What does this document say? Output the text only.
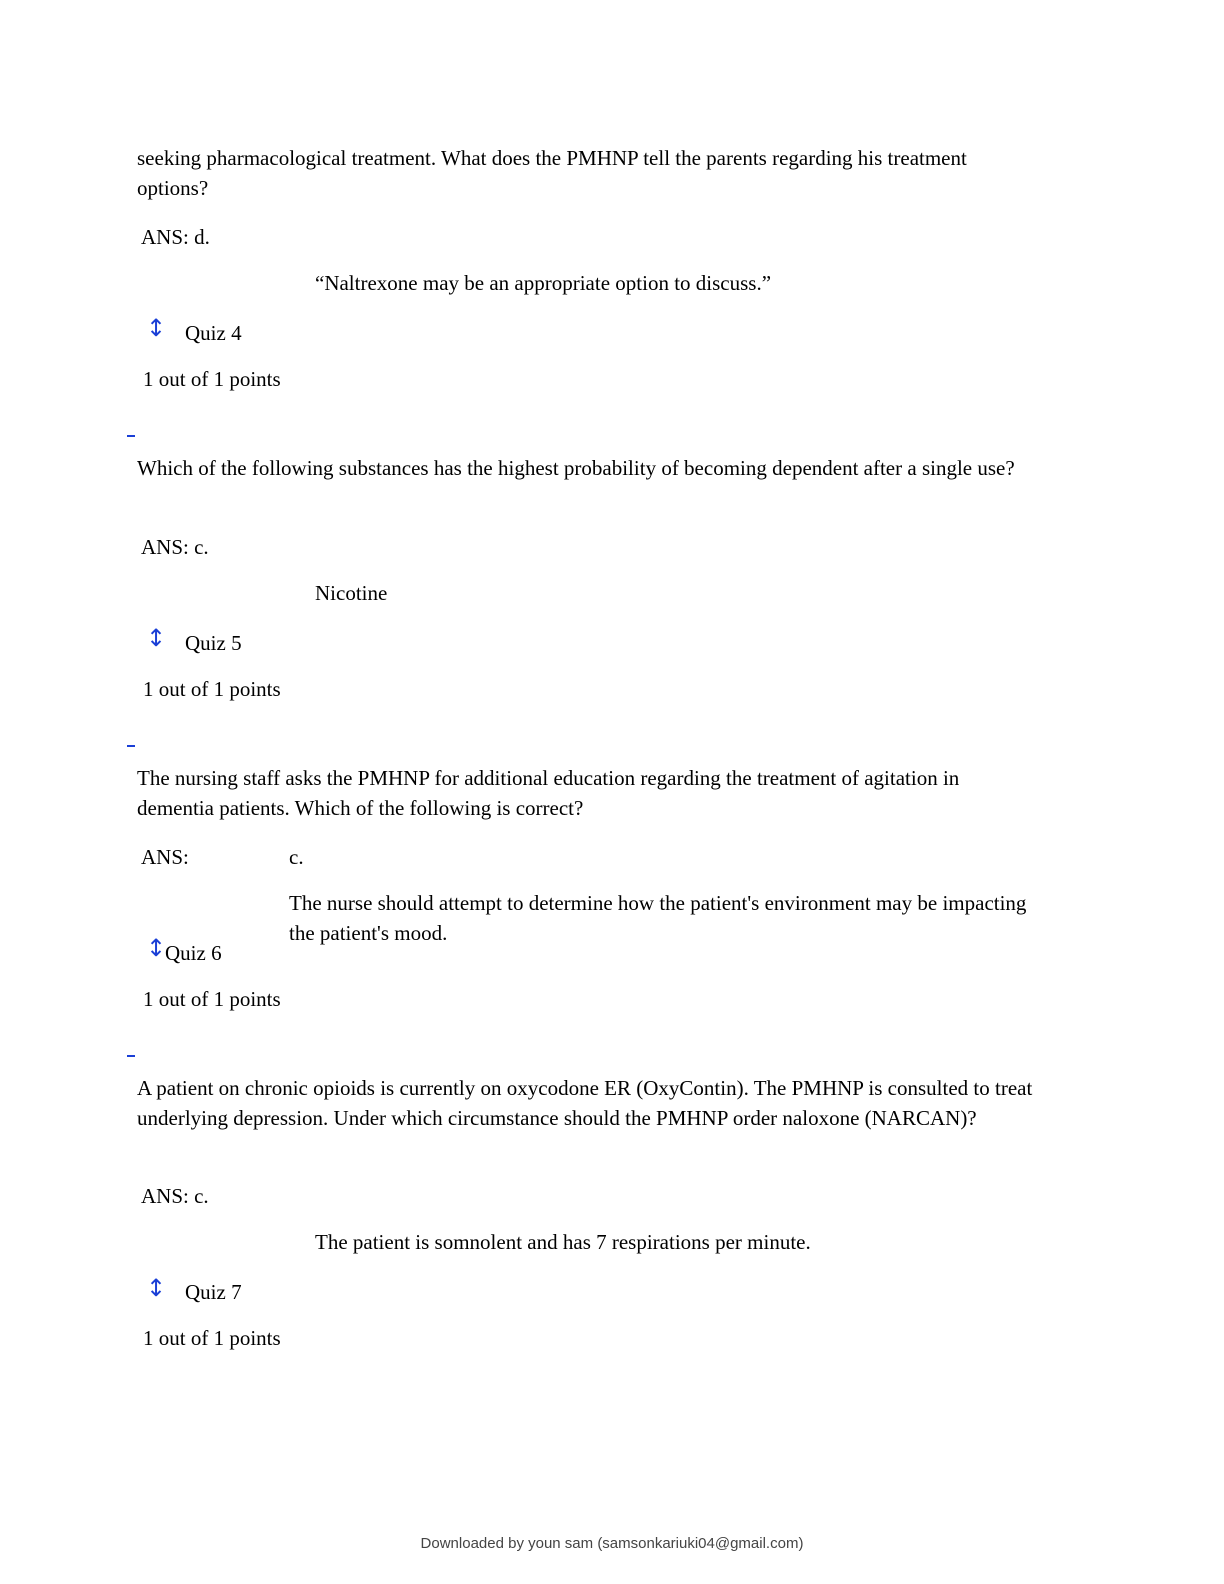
seeking pharmacological treatment. What does the PMHNP tell the parents regarding his treatment options?
ANS: d.
“Naltrexone may be an appropriate option to discuss.”
↕ Quiz 4
1 out of 1 points
Which of the following substances has the highest probability of becoming dependent after a single use?
ANS: c.
Nicotine
↕ Quiz 5
1 out of 1 points
The nursing staff asks the PMHNP for additional education regarding the treatment of agitation in dementia patients. Which of the following is correct?
ANS:	c.
The nurse should attempt to determine how the patient's environment may be impacting the patient's mood.
↕
Quiz 6
1 out of 1 points
A patient on chronic opioids is currently on oxycodone ER (OxyContin). The PMHNP is consulted to treat underlying depression. Under which circumstance should the PMHNP order naloxone (NARCAN)?
ANS: c.
The patient is somnolent and has 7 respirations per minute.
↕ Quiz 7
1 out of 1 points
Downloaded by youn sam (samsonkariuki04@gmail.com)
